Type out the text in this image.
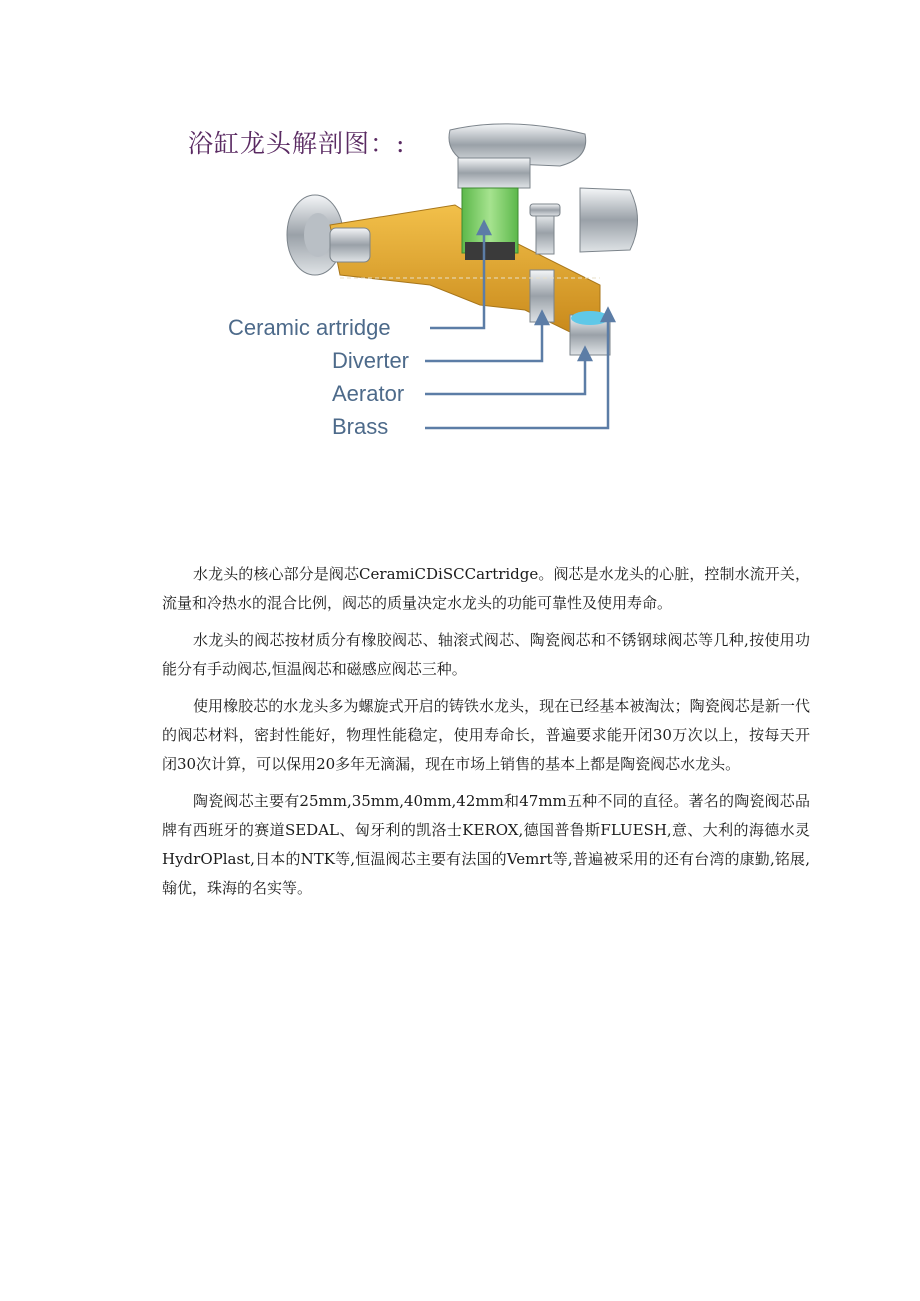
浴缸龙头解剖图：:
Ceramic artridge
Diverter
Aerator
Brass

水龙头的核心部分是阀芯CeramiCDiSCCartridge。阀芯是水龙头的心脏，控制水流开关，流量和冷热水的混合比例，阀芯的质量决定水龙头的功能可靠性及使用寿命。

水龙头的阀芯按材质分有橡胶阀芯、轴滚式阀芯、陶瓷阀芯和不锈钢球阀芯等几种,按使用功能分有手动阀芯,恒温阀芯和磁感应阀芯三种。

使用橡胶芯的水龙头多为螺旋式开启的铸铁水龙头，现在已经基本被淘汰；陶瓷阀芯是新一代的阀芯材料，密封性能好，物理性能稳定，使用寿命长，普遍要求能开闭30万次以上，按每天开闭30次计算，可以保用20多年无滴漏，现在市场上销售的基本上都是陶瓷阀芯水龙头。

陶瓷阀芯主要有25mm,35mm,40mm,42mm和47mm五种不同的直径。著名的陶瓷阀芯品牌有西班牙的赛道SEDAL、匈牙利的凯洛士KEROX,德国普鲁斯FLUESH,意、大利的海德水灵HydrOPlast,日本的NTK等,恒温阀芯主要有法国的Vemrt等,普遍被采用的还有台湾的康勤,铭展,翰优，珠海的名实等。
